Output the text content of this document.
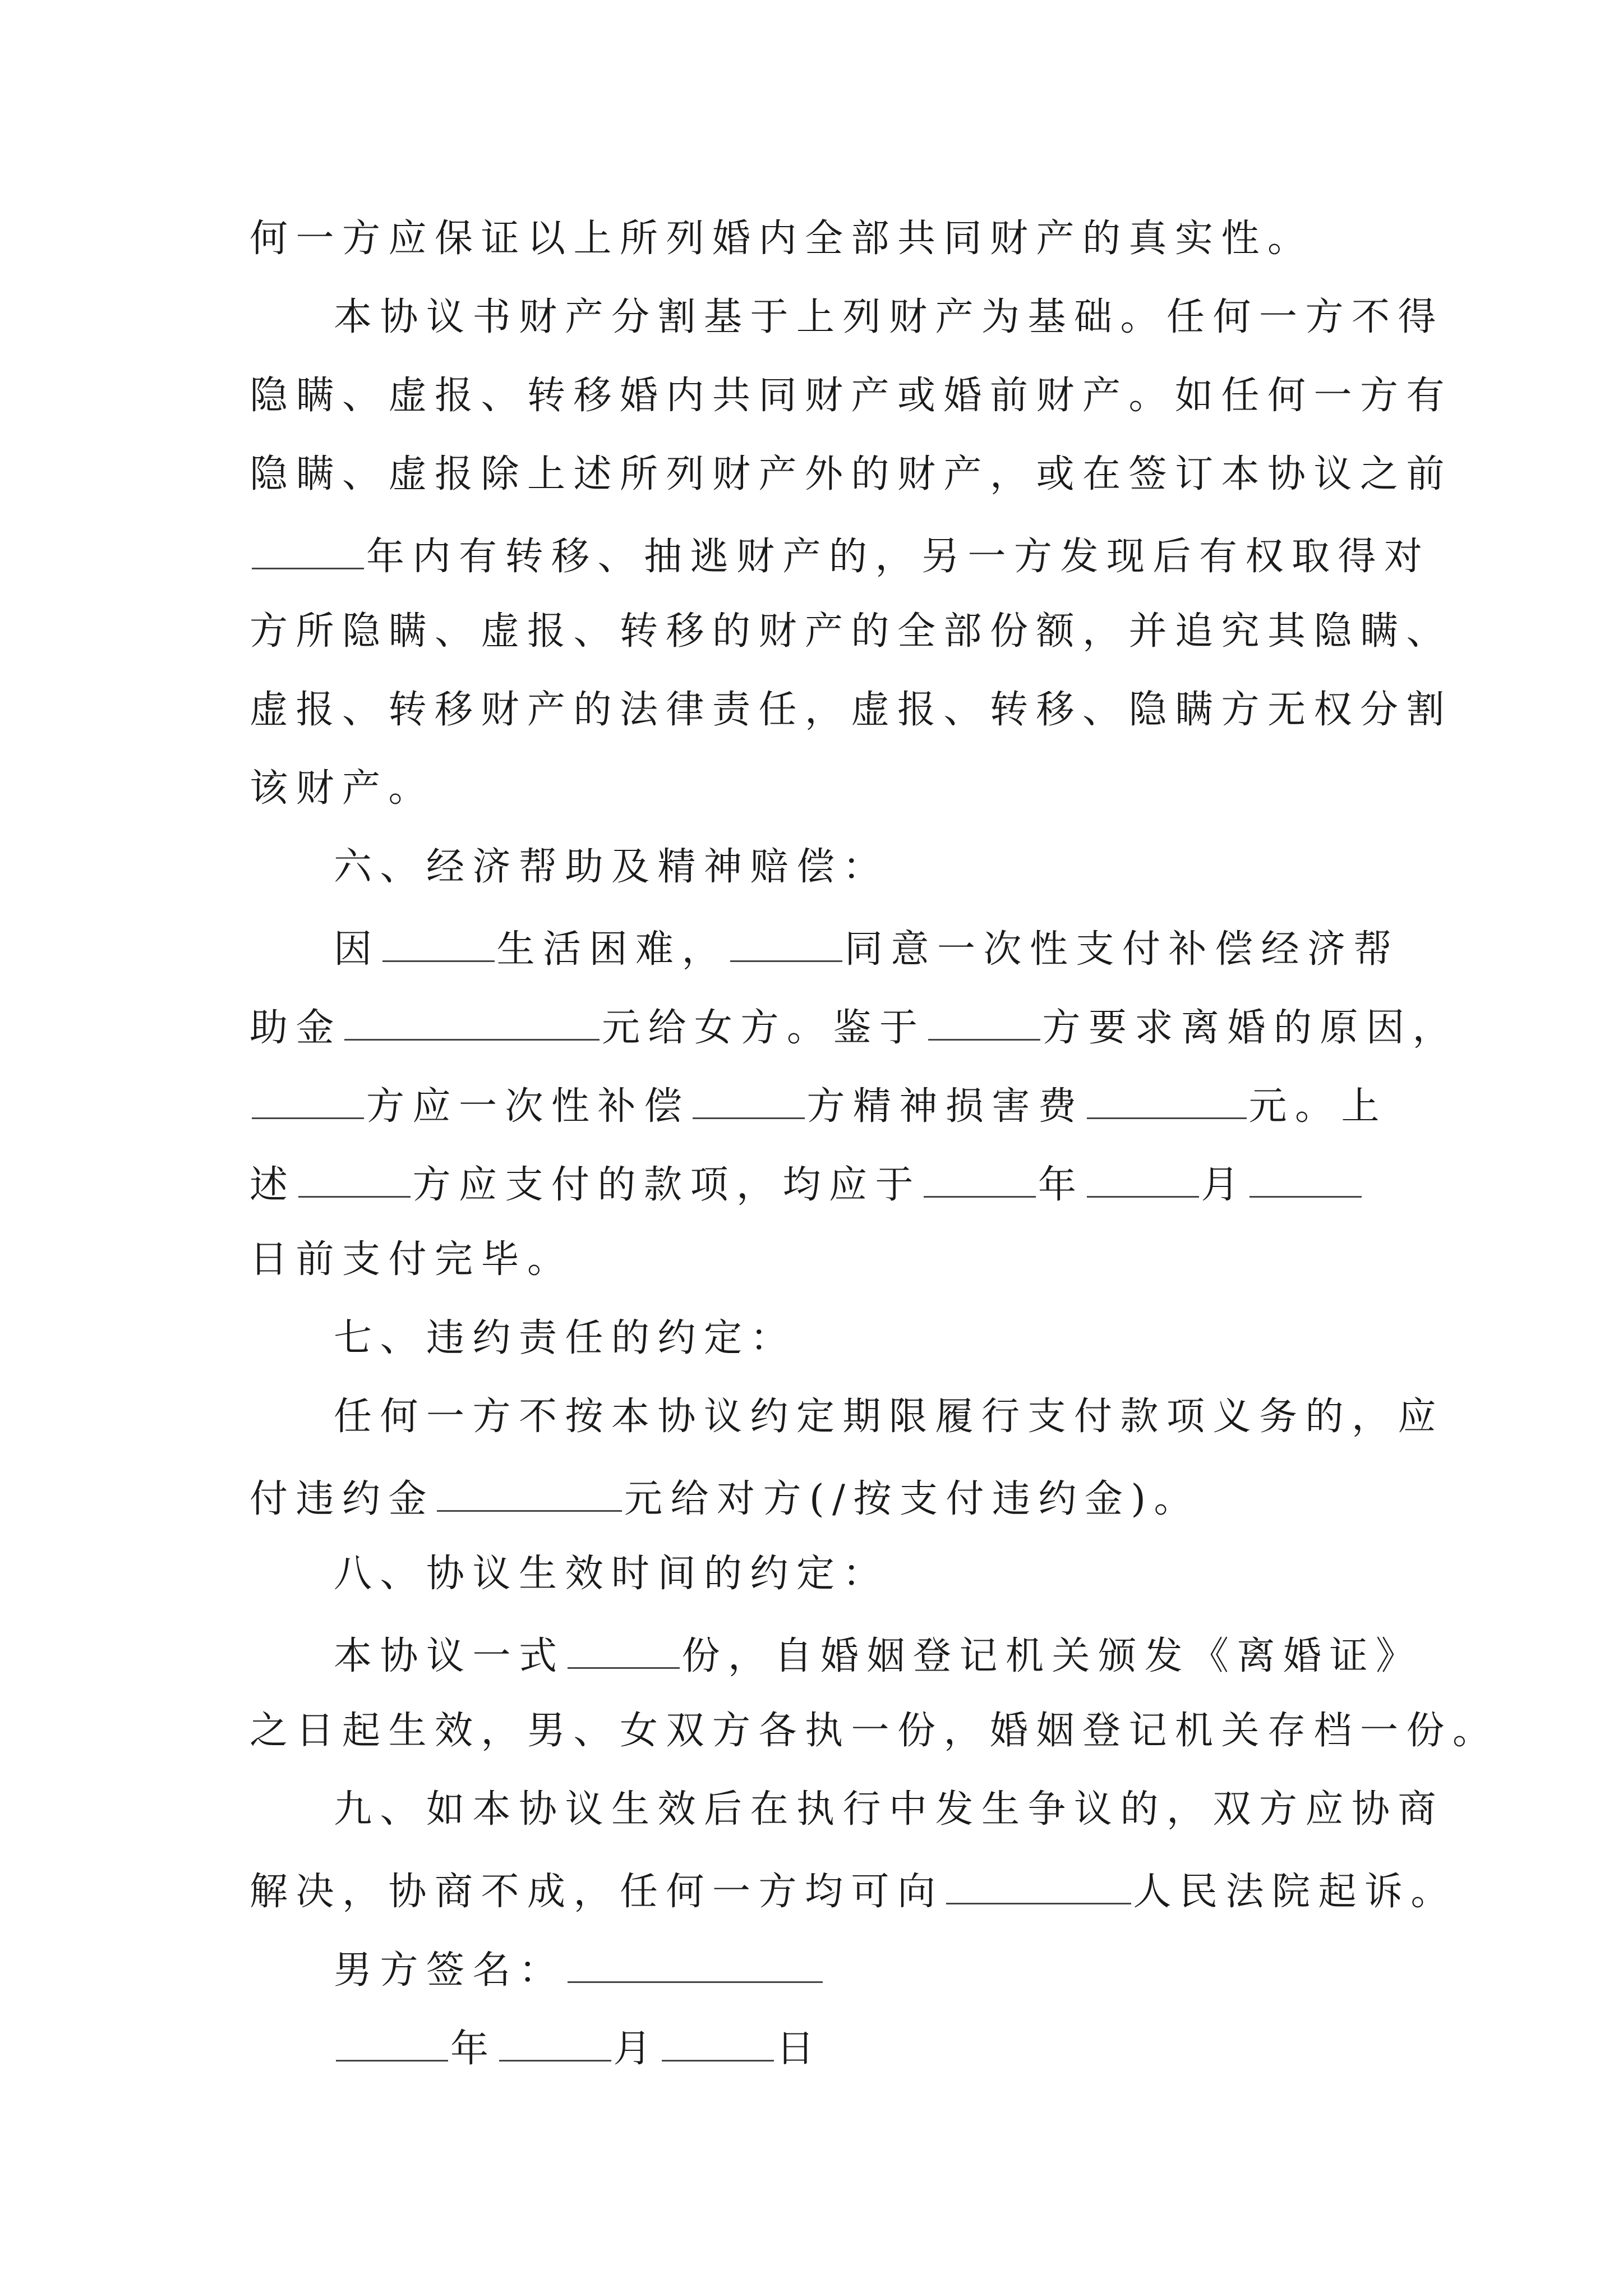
何一方应保证以上所列婚内全部共同财产的真实性。
本协议书财产分割基于上列财产为基础。任何一方不得
隐瞒、虚报、转移婚内共同财产或婚前财产。如任何一方有
隐瞒、虚报除上述所列财产外的财产，或在签订本协议之前
年内有转移、抽逃财产的，另一方发现后有权取得对
方所隐瞒、虚报、转移的财产的全部份额，并追究其隐瞒、
虚报、转移财产的法律责任，虚报、转移、隐瞒方无权分割
该财产。
六、经济帮助及精神赔偿：
因	生活困难，	同意一次性支付补偿经济帮
助金	元给女方。鉴于	方要求离婚的原因，
方应一次性补偿	方精神损害费	元。上
述	方应支付的款项，均应于	年	月
日前支付完毕。
七、违约责任的约定：
任何一方不按本协议约定期限履行支付款项义务的，应
付违约金	元给对方(/按支付违约金)。
八、协议生效时间的约定：
本协议一式	份，自婚姻登记机关颁发《离婚证》
之日起生效，男、女双方各执一份，婚姻登记机关存档一份。
九、如本协议生效后在执行中发生争议的，双方应协商
解决，协商不成，任何一方均可向	人民法院起诉。
男方签名：
年	月	日
